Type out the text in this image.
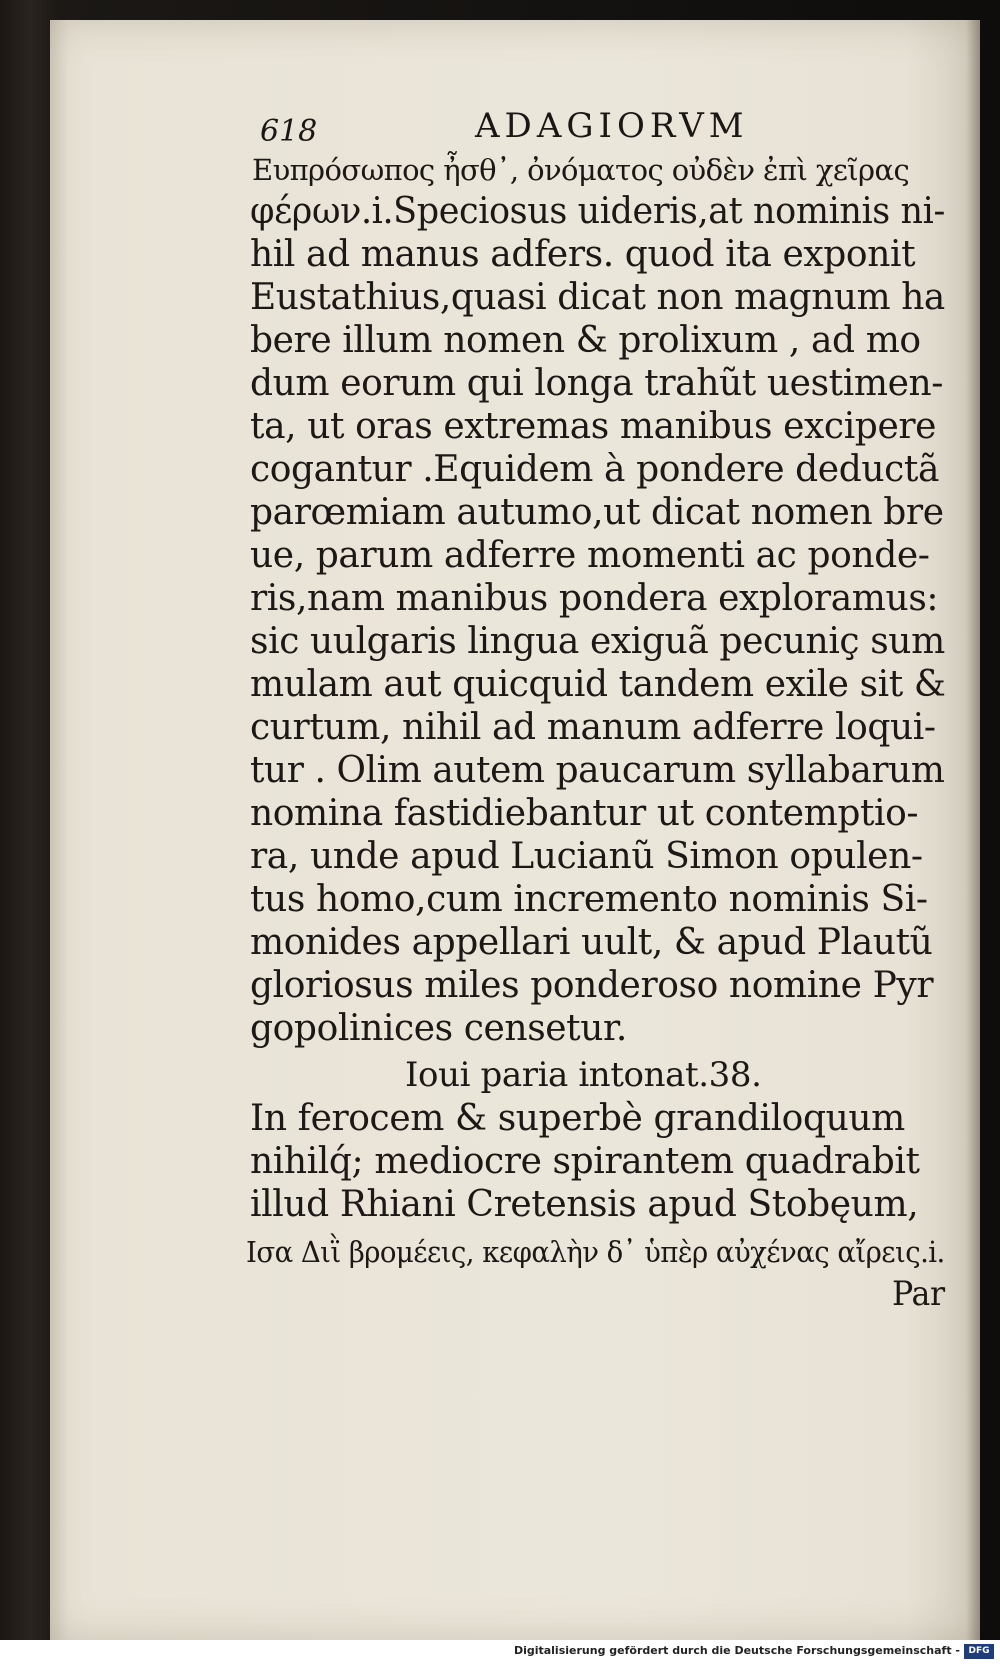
618	ADAGIORVM
Ευπρόσωπος ἦσθ᾽, ὀνόματος οὐδὲν ἐπὶ χεῖρας
φέρων.i.Speciosus uideris,at nominis ni-
hil ad manus adfers. quod ita exponit
Eustathius,quasi dicat non magnum ha
bere illum nomen & prolixum , ad mo
dum eorum qui longa trahũt uestimen-
ta, ut oras extremas manibus excipere
cogantur .Equidem à pondere deductã
parœmiam autumo,ut dicat nomen bre
ue, parum adferre momenti ac ponde-
ris,nam manibus pondera exploramus:
sic uulgaris lingua exiguã pecuniç sum
mulam aut quicquid tandem exile sit &
curtum, nihil ad manum adferre loqui-
tur . Olim autem paucarum syllabarum
nomina fastidiebantur ut contemptio-
ra, unde apud Lucianũ Simon opulen-
tus homo,cum incremento nominis Si-
monides appellari uult, & apud Plautũ
gloriosus miles ponderoso nomine Pyr
gopolinices censetur.
Ioui paria intonat.38.
In ferocem & superbè grandiloquum
nihilq́; mediocre spirantem quadrabit
illud Rhiani Cretensis apud Stobęum,
Ισα Διῒ βρομέεις, κεφαλὴν δ᾽ ὑπὲρ αὐχένας αἴρεις.i.
Par
Digitalisierung gefördert durch die Deutsche Forschungsgemeinschaft - DFG
